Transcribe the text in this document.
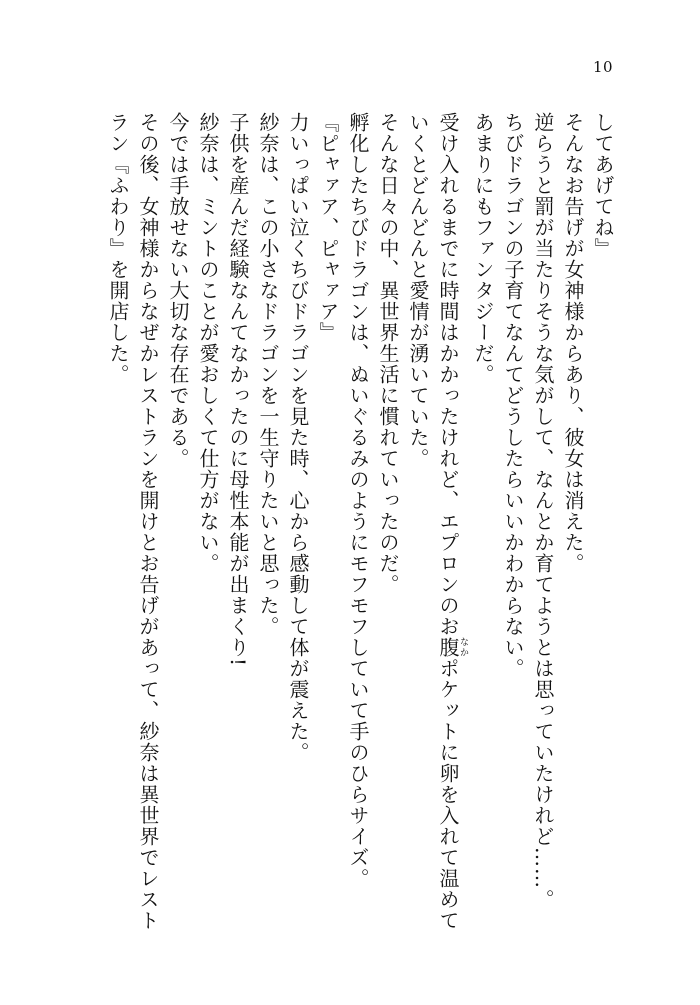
10
してあげてね』
そんなお告げが女神様からあり、彼女は消えた。
逆らうと罰が当たりそうな気がして、なんとか育てようとは思っていたけれど……。
ちびドラゴンの子育てなんてどうしたらいいかわからない。
あまりにもファンタジーだ。
受け入れるまでに時間はかかったけれど、エプロンのお腹なかポケットに卵を入れて温めて
いくとどんどんと愛情が湧いていた。
そんな日々の中、異世界生活に慣れていったのだ。
孵化したちびドラゴンは、ぬいぐるみのようにモフモフしていて手のひらサイズ。
『ピャァア、ピャァア』
力いっぱい泣くちびドラゴンを見た時、心から感動して体が震えた。
紗奈は、この小さなドラゴンを一生守りたいと思った。
子供を産んだ経験なんてなかったのに母性本能が出まくり!
紗奈は、ミントのことが愛おしくて仕方がない。
今では手放せない大切な存在である。
その後、女神様からなぜかレストランを開けとお告げがあって、紗奈は異世界でレスト
ラン『ふわり』を開店した。
